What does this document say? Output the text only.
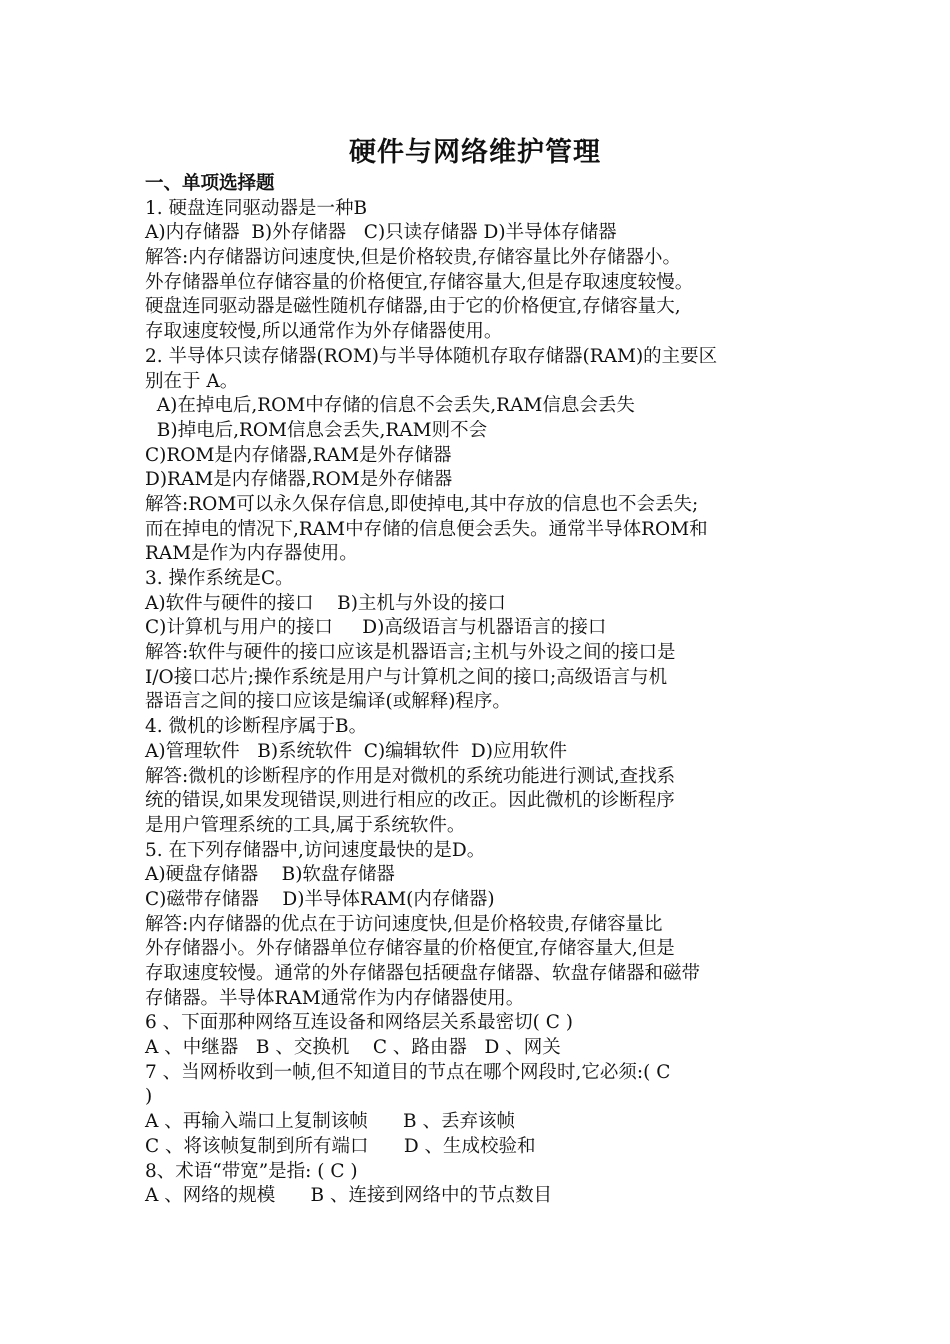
硬件与网络维护管理
一、单项选择题
1. 硬盘连同驱动器是一种B
A)内存储器  B)外存储器   C)只读存储器 D)半导体存储器
解答:内存储器访问速度快,但是价格较贵,存储容量比外存储器小。
外存储器单位存储容量的价格便宜,存储容量大,但是存取速度较慢。
硬盘连同驱动器是磁性随机存储器,由于它的价格便宜,存储容量大,
存取速度较慢,所以通常作为外存储器使用。
2. 半导体只读存储器(ROM)与半导体随机存取存储器(RAM)的主要区
别在于 A。
A)在掉电后,ROM中存储的信息不会丢失,RAM信息会丢失
B)掉电后,ROM信息会丢失,RAM则不会
C)ROM是内存储器,RAM是外存储器
D)RAM是内存储器,ROM是外存储器
解答:ROM可以永久保存信息,即使掉电,其中存放的信息也不会丢失;
而在掉电的情况下,RAM中存储的信息便会丢失。通常半导体ROM和
RAM是作为内存器使用。
3. 操作系统是C。
A)软件与硬件的接口    B)主机与外设的接口
C)计算机与用户的接口     D)高级语言与机器语言的接口
解答:软件与硬件的接口应该是机器语言;主机与外设之间的接口是
I/O接口芯片;操作系统是用户与计算机之间的接口;高级语言与机
器语言之间的接口应该是编译(或解释)程序。
4. 微机的诊断程序属于B。
A)管理软件   B)系统软件  C)编辑软件  D)应用软件
解答:微机的诊断程序的作用是对微机的系统功能进行测试,查找系
统的错误,如果发现错误,则进行相应的改正。因此微机的诊断程序
是用户管理系统的工具,属于系统软件。
5. 在下列存储器中,访问速度最快的是D。
A)硬盘存储器    B)软盘存储器
C)磁带存储器    D)半导体RAM(内存储器)
解答:内存储器的优点在于访问速度快,但是价格较贵,存储容量比
外存储器小。外存储器单位存储容量的价格便宜,存储容量大,但是
存取速度较慢。通常的外存储器包括硬盘存储器、软盘存储器和磁带
存储器。半导体RAM通常作为内存储器使用。
6 、下面那种网络互连设备和网络层关系最密切( C )
A 、中继器   B 、交换机    C 、路由器   D 、网关
7 、当网桥收到一帧,但不知道目的节点在哪个网段时,它必须:( C
)
A 、再输入端口上复制该帧      B 、丢弃该帧
C 、将该帧复制到所有端口      D 、生成校验和
8、术语“带宽”是指: ( C )
A 、网络的规模      B 、连接到网络中的节点数目
